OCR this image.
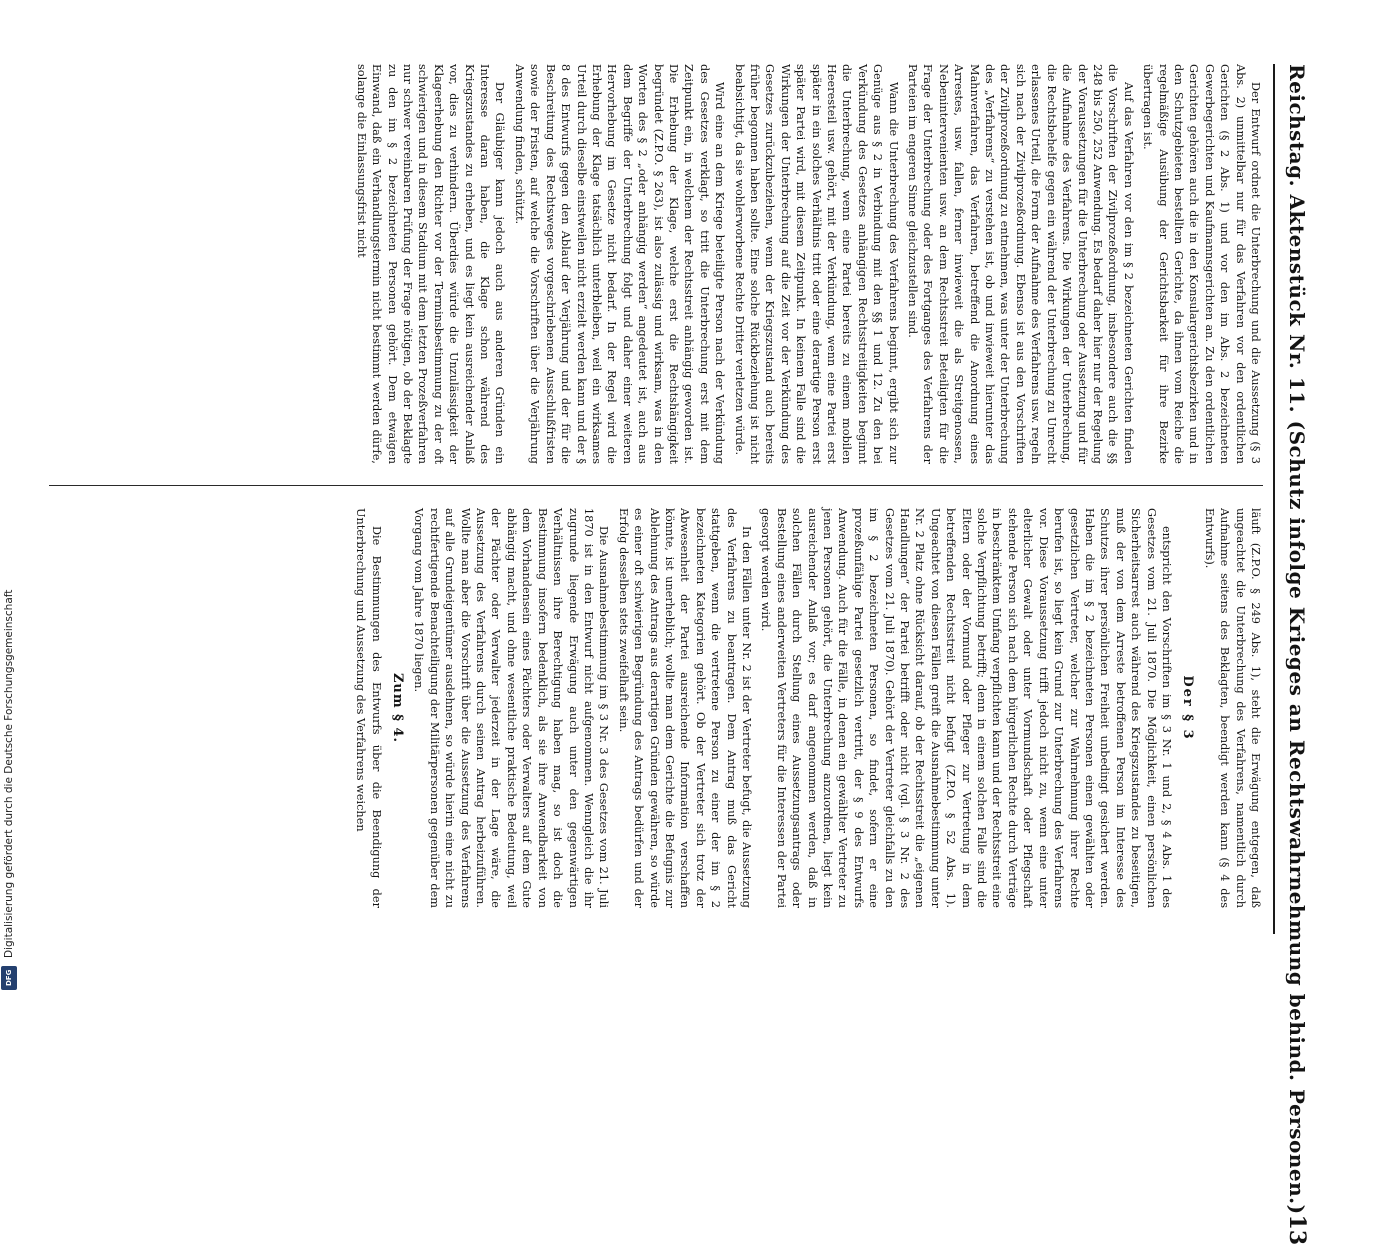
Reichstag. Aktenstück Nr. 11. (Schutz infolge Krieges an Rechtswahrnehmung behind. Personen.)
13

Der Entwurf ordnet die Unterbrechung und die Aussetzung (§ 3 Abs. 2) unmittelbar nur für das Verfahren vor den ordentlichen Gerichten (§ 2 Abs. 1) und vor den im Abs. 2 bezeichneten Gewerbegerichten und Kaufmannsgerichten an. Zu den ordentlichen Gerichten gehören auch die in den Konsulargerichtsbezirken und in den Schutzgebieten bestellten Gerichte, da ihnen vom Reiche die regelmäßige Ausübung der Gerichtsbarkeit für ihre Bezirke übertragen ist.

Auf das Verfahren vor den im § 2 bezeichneten Gerichten finden die Vorschriften der Zivilprozeßordnung, insbesondere auch die §§ 248 bis 250, 252 Anwendung. Es bedarf daher hier nur der Regelung der Voraussetzungen für die Unterbrechung oder Aussetzung und für die Aufnahme des Verfahrens. Die Wirkungen der Unterbrechung, die Rechtsbehelfe gegen ein während der Unterbrechung zu Unrecht erlassenes Urteil, die Form der Aufnahme des Verfahrens usw. regeln sich nach der Zivilprozeßordnung. Ebenso ist aus den Vorschriften der Zivilprozeßordnung zu entnehmen, was unter der Unterbrechung des „Verfahrens“ zu verstehen ist, ob und inwieweit hierunter das Mahnverfahren, das Verfahren, betreffend die Anordnung eines Arrestes, usw. fallen, ferner inwieweit die als Streitgenossen, Nebenintervenienten usw. an dem Rechtsstreit Beteiligten für die Frage der Unterbrechung oder des Fortganges des Verfahrens der Parteien im engeren Sinne gleichzustellen sind.

Wann die Unterbrechung des Verfahrens beginnt, ergibt sich zur Genüge aus § 2 in Verbindung mit den §§ 1 und 12. Zu den bei Verkündung des Gesetzes anhängigen Rechtsstreitigkeiten beginnt die Unterbrechung, wenn eine Partei bereits zu einem mobilen Heeresteil usw. gehört, mit der Verkündung, wenn eine Partei erst später in ein solches Verhältnis tritt oder eine derartige Person erst später Partei wird, mit diesem Zeitpunkt. In keinem Falle sind die Wirkungen der Unterbrechung auf die Zeit vor der Verkündung des Gesetzes zurückzubeziehen, wenn der Kriegszustand auch bereits früher begonnen haben sollte. Eine solche Rückbeziehung ist nicht beabsichtigt, da sie wohlerworbene Rechte Dritter verletzen würde.

Wird eine an dem Kriege beteiligte Person nach der Verkündung des Gesetzes verklagt, so tritt die Unterbrechung erst mit dem Zeitpunkt ein, in welchem der Rechtsstreit anhängig geworden ist. Die Erhebung der Klage, welche erst die Rechtshängigkeit begründet (Z.P.O. § 263), ist also zulässig und wirksam, was in den Worten des § 2 „oder anhängig werden“ angedeutet ist, auch aus dem Begriffe der Unterbrechung folgt und daher einer weiteren Hervorhebung im Gesetze nicht bedarf. In der Regel wird die Erhebung der Klage tatsächlich unterbleiben, weil ein wirksames Urteil durch dieselbe einstweilen nicht erzielt werden kann und der § 8 des Entwurfs gegen den Ablauf der Verjährung und der für die Beschreitung des Rechtsweges vorgeschriebenen Ausschlußfristen sowie der Fristen, auf welche die Vorschriften über die Verjährung Anwendung finden, schützt.

Der Gläubiger kann jedoch auch aus anderen Gründen ein Interesse daran haben, die Klage schon während des Kriegszustandes zu erheben, und es liegt kein ausreichender Anlaß vor, dies zu verhindern. Überdies würde die Unzulässigkeit der Klageerhebung den Richter vor der Terminsbestimmung zu der oft schwierigen und in diesem Stadium mit dem letzten Prozeßverfahren nur schwer vereinbaren Prüfung der Frage nötigen, ob der Beklagte zu den im § 2 bezeichneten Personen gehört. Dem etwaigen Einwand, daß ein Verhandlungstermin nicht bestimmt werden dürfe, solange die Einlassungsfrist nicht

läuft (Z.P.O. § 249 Abs. 1), steht die Erwägung entgegen, daß ungeachtet die Unterbrechung des Verfahrens, namentlich durch Aufnahme seitens des Beklagten, beendigt werden kann (§ 4 des Entwurfs).

Der § 3

entspricht den Vorschriften im § 3 Nr. 1 und 2, § 4 Abs. 1 des Gesetzes vom 21. Juli 1870. Die Möglichkeit, einen persönlichen Sicherheitsarrest auch während des Kriegszustandes zu beseitigen, muß der von dem Arreste betroffenen Person im Interesse des Schutzes ihrer persönlichen Freiheit unbedingt gesichert werden. Haben die im § 2 bezeichneten Personen einen gewählten oder gesetzlichen Vertreter, welcher zur Wahrnehmung ihrer Rechte berufen ist, so liegt kein Grund zur Unterbrechung des Verfahrens vor. Diese Voraussetzung trifft jedoch nicht zu, wenn eine unter elterlicher Gewalt oder unter Vormundschaft oder Pflegschaft stehende Person sich nach dem bürgerlichen Rechte durch Verträge in beschränktem Umfang verpflichten kann und der Rechtsstreit eine solche Verpflichtung betrifft; denn in einem solchen Falle sind die Eltern oder der Vormund oder Pfleger zur Vertretung in dem betreffenden Rechtsstreit nicht befugt (Z.P.O. § 52 Abs. 1). Ungeachtet von diesen Fällen greift die Ausnahmebestimmung unter Nr. 2 Platz ohne Rücksicht darauf, ob der Rechtsstreit die „eigenen Handlungen“ der Partei betrifft oder nicht (vgl. § 3 Nr. 2 des Gesetzes vom 21. Juli 1870). Gehört der Vertreter gleichfalls zu den im § 2 bezeichneten Personen, so findet, sofern er eine prozeßunfähige Partei gesetzlich vertritt, der § 9 des Entwurfs Anwendung. Auch für die Fälle, in denen ein gewählter Vertreter zu jenen Personen gehört, die Unterbrechung anzuordnen, liegt kein ausreichender Anlaß vor; es darf angenommen werden, daß in solchen Fällen durch Stellung eines Aussetzungsantrags oder Bestellung eines anderweiten Vertreters für die Interessen der Partei gesorgt werden wird.

In den Fällen unter Nr. 2 ist der Vertreter befugt, die Aussetzung des Verfahrens zu beantragen. Dem Antrag muß das Gericht stattgeben, wenn die vertretene Person zu einer der im § 2 bezeichneten Kategorien gehört. Ob der Vertreter sich trotz der Abwesenheit der Partei ausreichende Information verschaffen könnte, ist unerheblich; wollte man dem Gerichte die Befugnis zur Ablehnung des Antrags aus derartigen Gründen gewähren, so würde es einer oft schwierigen Begründung des Antrags bedürfen und der Erfolg desselben stets zweifelhaft sein.

Die Ausnahmebestimmung im § 3 Nr. 3 des Gesetzes vom 21. Juli 1870 ist in den Entwurf nicht aufgenommen. Wenngleich die ihr zugrunde liegende Erwägung auch unter den gegenwärtigen Verhältnissen ihre Berechtigung haben mag, so ist doch die Bestimmung insofern bedenklich, als sie ihre Anwendbarkeit von dem Vorhandensein eines Pächters oder Verwalters auf dem Gute abhängig macht, und ohne wesentliche praktische Bedeutung, weil der Pächter oder Verwalter jederzeit in der Lage wäre, die Aussetzung des Verfahrens durch seinen Antrag herbeizuführen. Wollte man aber die Vorschrift über die Aussetzung des Verfahrens auf alle Grundeigentümer ausdehnen, so würde hierin eine nicht zu rechtfertigende Benachteiligung der Militärpersonen gegenüber dem Vorgang vom Jahre 1870 liegen.

Zum § 4.

Die Bestimmungen des Entwurfs über die Beendigung der Unterbrechung und Aussetzung des Verfahrens weichen

Digitalisierung gefördert durch die Deutsche Forschungsgemeinschaft
DFG
